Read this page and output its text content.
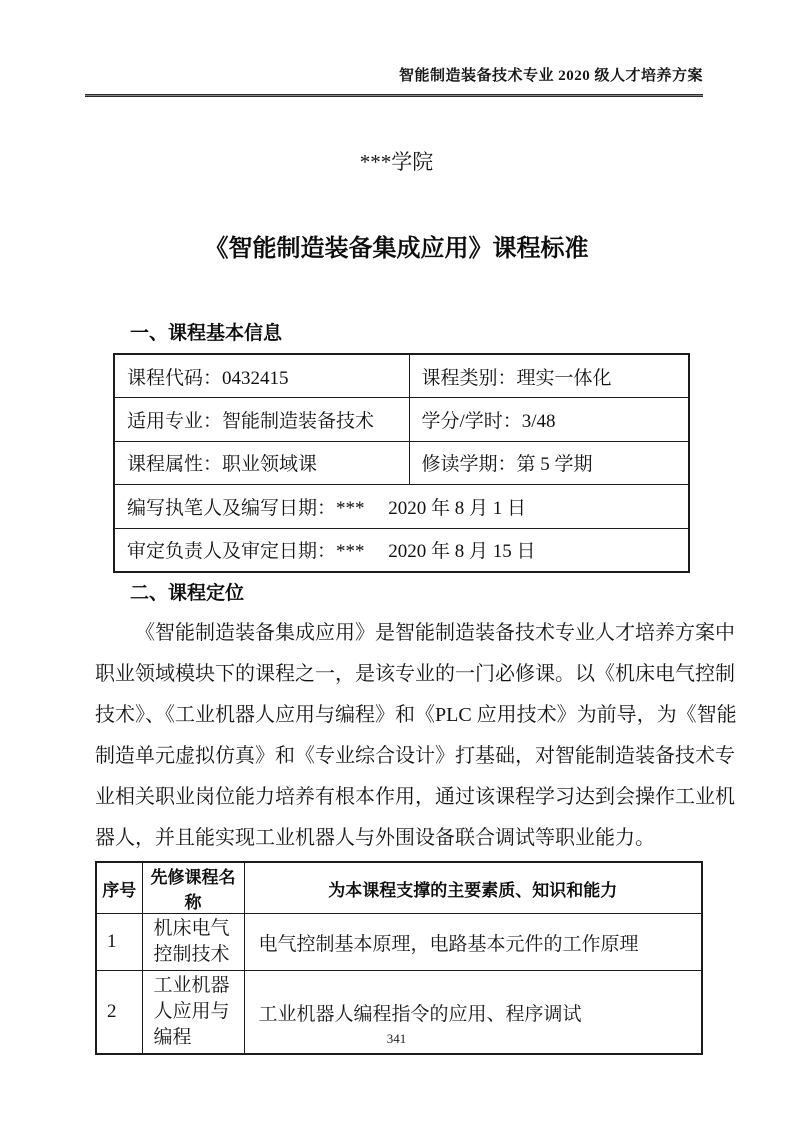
智能制造装备技术专业 2020 级人才培养方案
***学院
《智能制造装备集成应用》课程标准
一、课程基本信息
课程代码：0432415	课程类别：理实一体化
适用专业：智能制造装备技术	学分/学时：3/48
课程属性：职业领域课	修读学期：第 5 学期
编写执笔人及编写日期：***　 2020 年 8 月 1 日	
审定负责人及审定日期：***　 2020 年 8 月 15 日	
二、课程定位
《智能制造装备集成应用》是智能制造装备技术专业人才培养方案中
职业领域模块下的课程之一，是该专业的一门必修课。以《机床电气控制
技术》、《工业机器人应用与编程》和《PLC 应用技术》为前导，为《智能
制造单元虚拟仿真》和《专业综合设计》打基础，对智能制造装备技术专
业相关职业岗位能力培养有根本作用，通过该课程学习达到会操作工业机
器人，并且能实现工业机器人与外围设备联合调试等职业能力。
序号	先修课程名称	为本课程支撑的主要素质、知识和能力
1	机床电气控制技术	电气控制基本原理，电路基本元件的工作原理
2	工业机器人应用与编程	工业机器人编程指令的应用、程序调试
341
